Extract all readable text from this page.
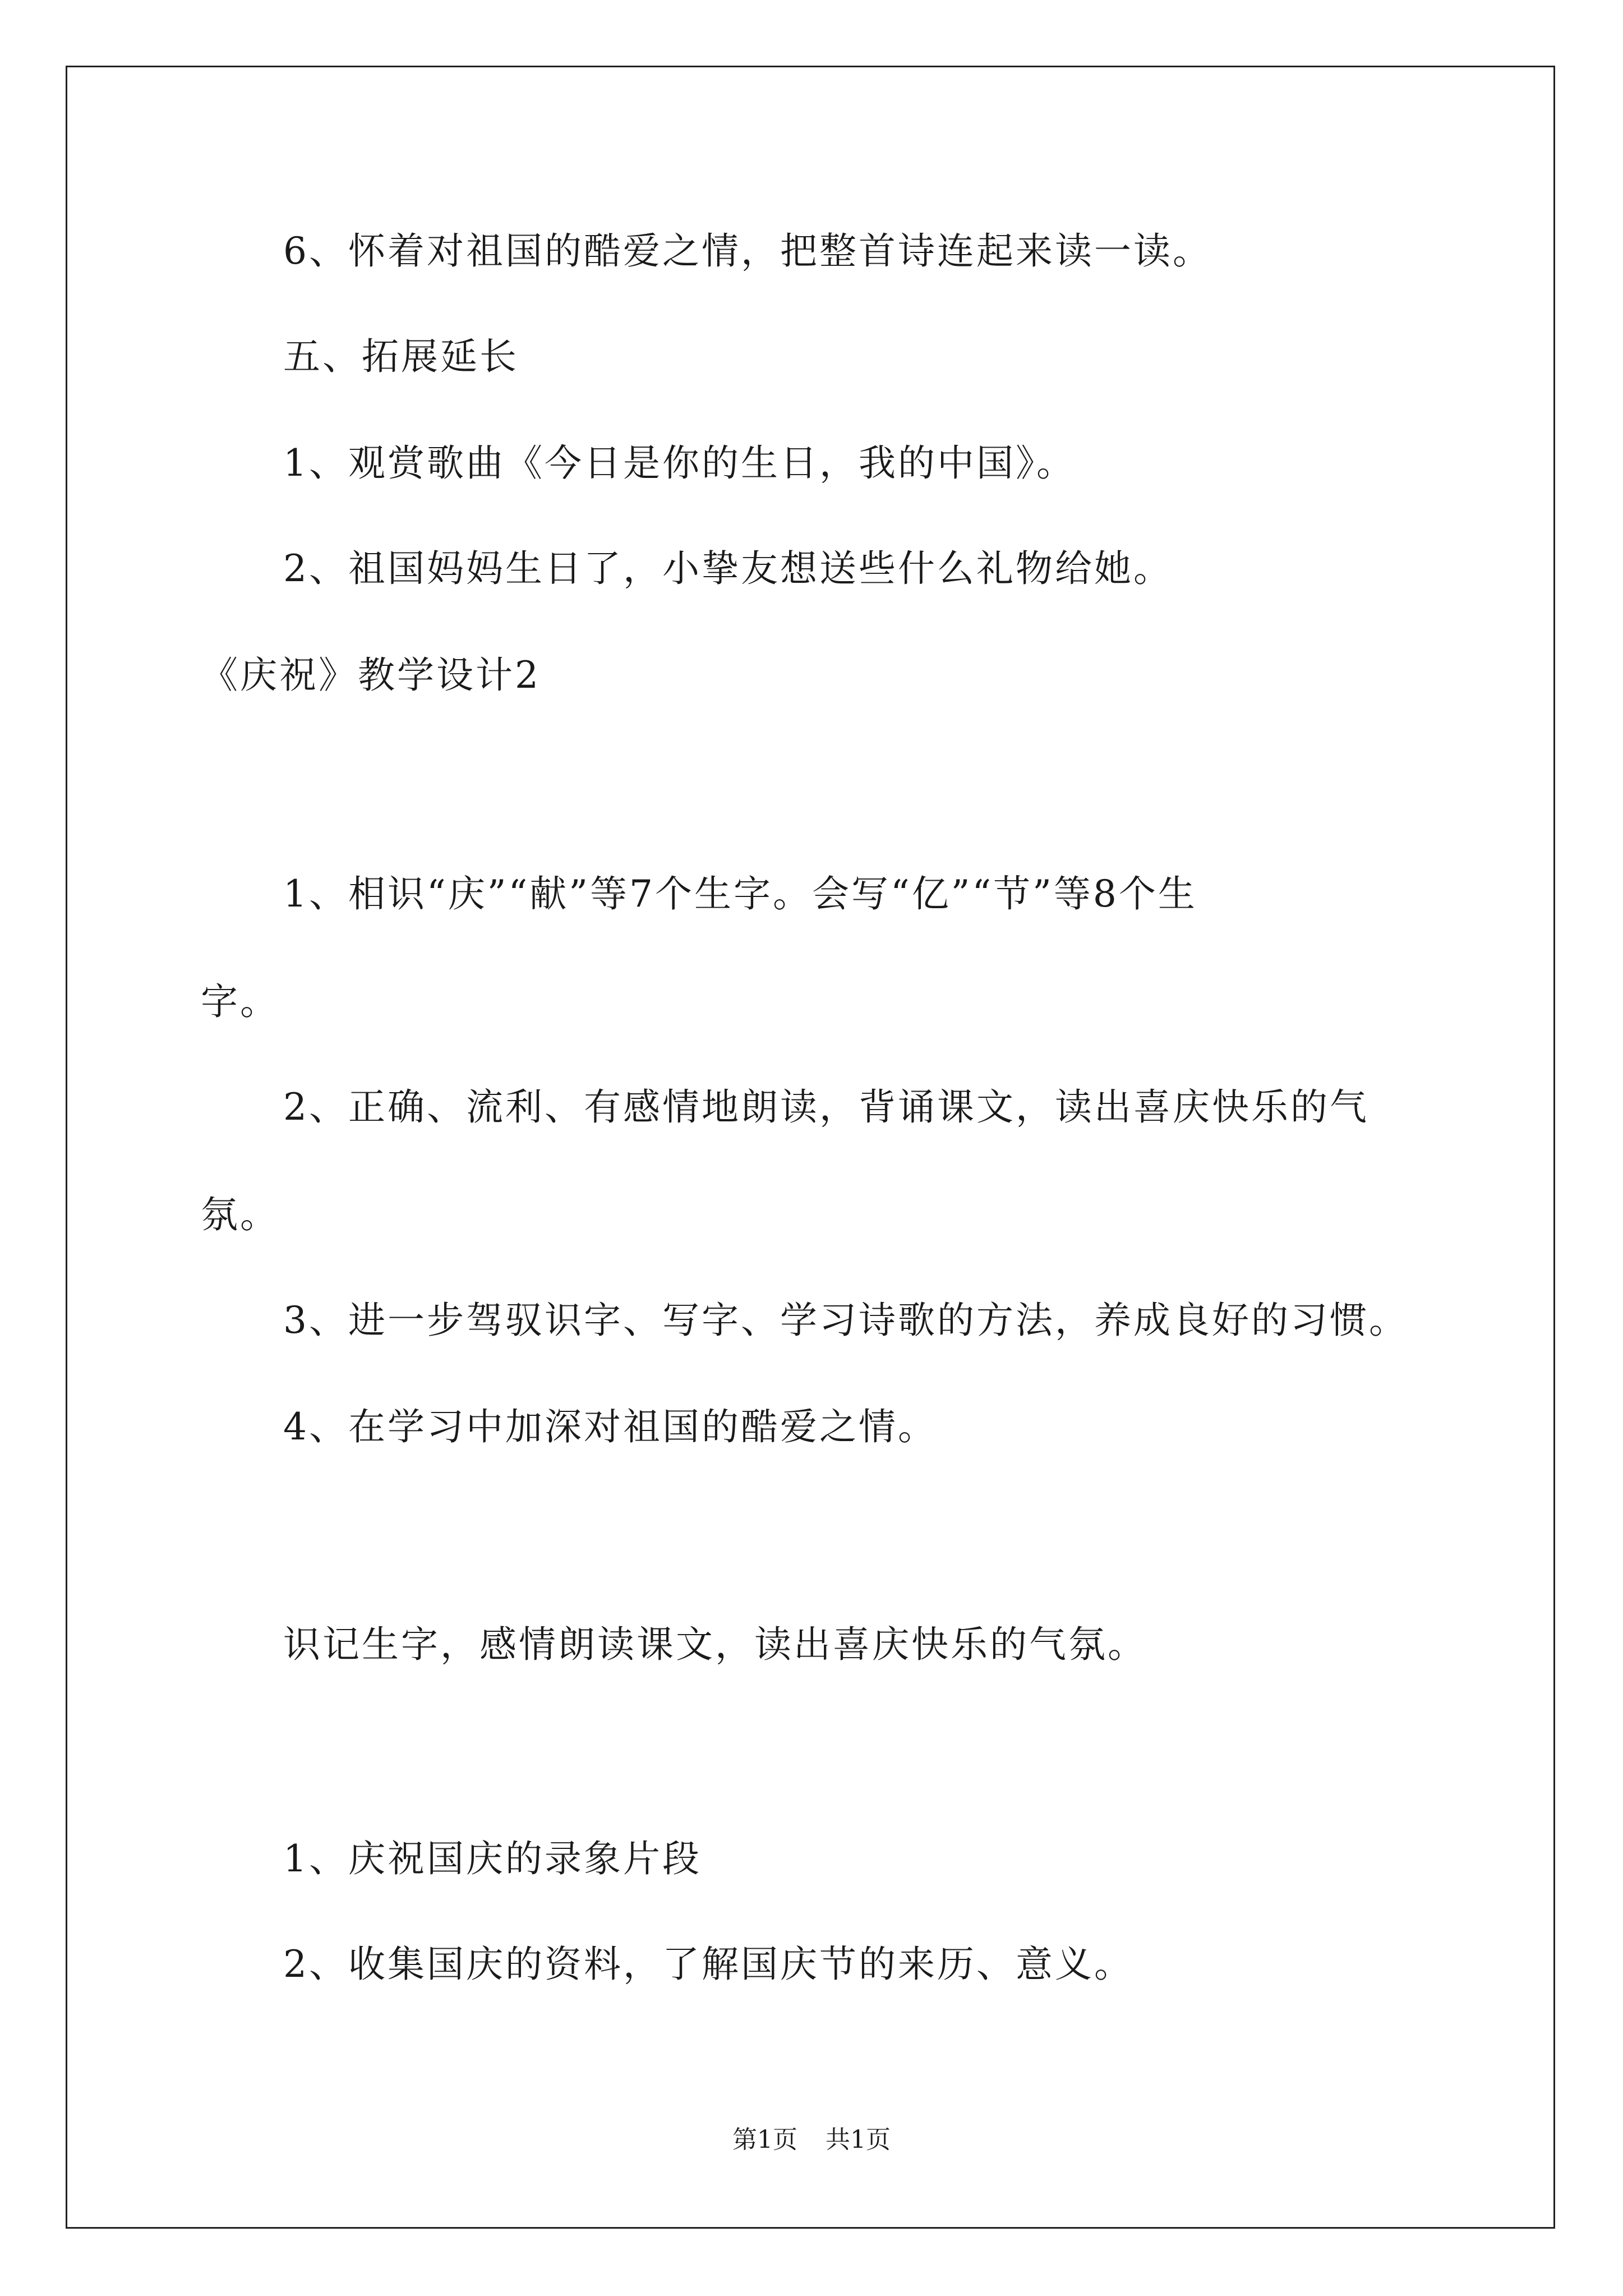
6、怀着对祖国的酷爱之情，把整首诗连起来读一读。
五、拓展延长
1、观赏歌曲《今日是你的生日，我的中国》。
2、祖国妈妈生日了，小挚友想送些什么礼物给她。
《庆祝》教学设计2
1、相识“庆”“献”等7个生字。会写“亿”“节”等8个生
字。
2、正确、流利、有感情地朗读，背诵课文，读出喜庆快乐的气
氛。
3、进一步驾驭识字、写字、学习诗歌的方法，养成良好的习惯。
4、在学习中加深对祖国的酷爱之情。
识记生字，感情朗读课文，读出喜庆快乐的气氛。
1、庆祝国庆的录象片段
2、收集国庆的资料，了解国庆节的来历、意义。
第1页 共1页
